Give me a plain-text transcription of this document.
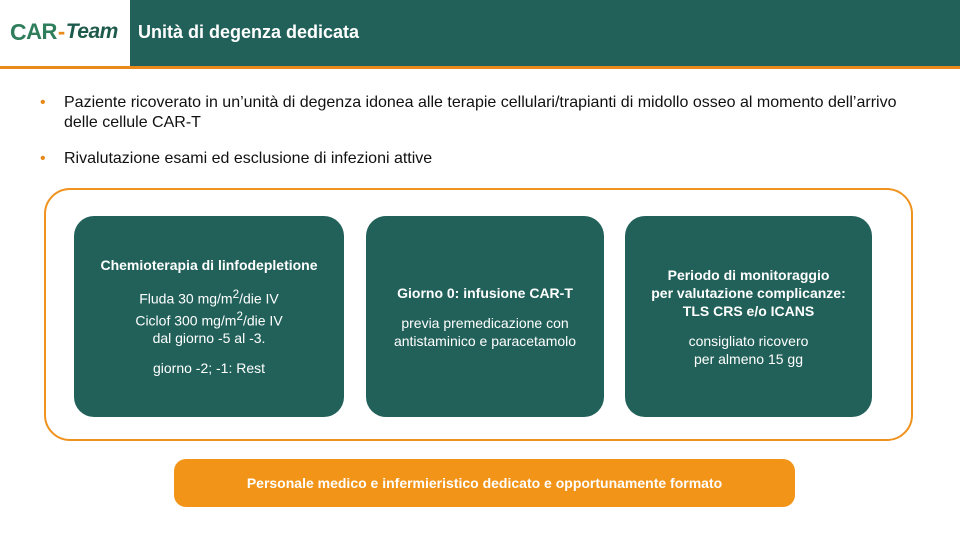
C AR - Team Unità di degenza dedicata
• Paziente ricoverato in un’unità di degenza idonea alle terapie cellulari/trapianti di midollo osseo al momento dell’arrivo delle cellule CAR-T
• Rivalutazione esami ed esclusione di infezioni attive
Chemioterapia di linfodepletione
Fluda 30 $mg/m^2$/die IV
Ciclof 300 $mg/m^2$/die IV
dal giorno -5 al -3.
giorno -2; -1: Rest
Giorno 0: infusione CAR-T
previa premedicazione con
antistaminico e paracetamolo
Periodo di monitoraggio
per valutazione complicanze:
TLS CRS e/o ICANS
consigliato ricovero
per almeno 15 gg
Personale medico e infermieristico dedicato e opportunamente formato
